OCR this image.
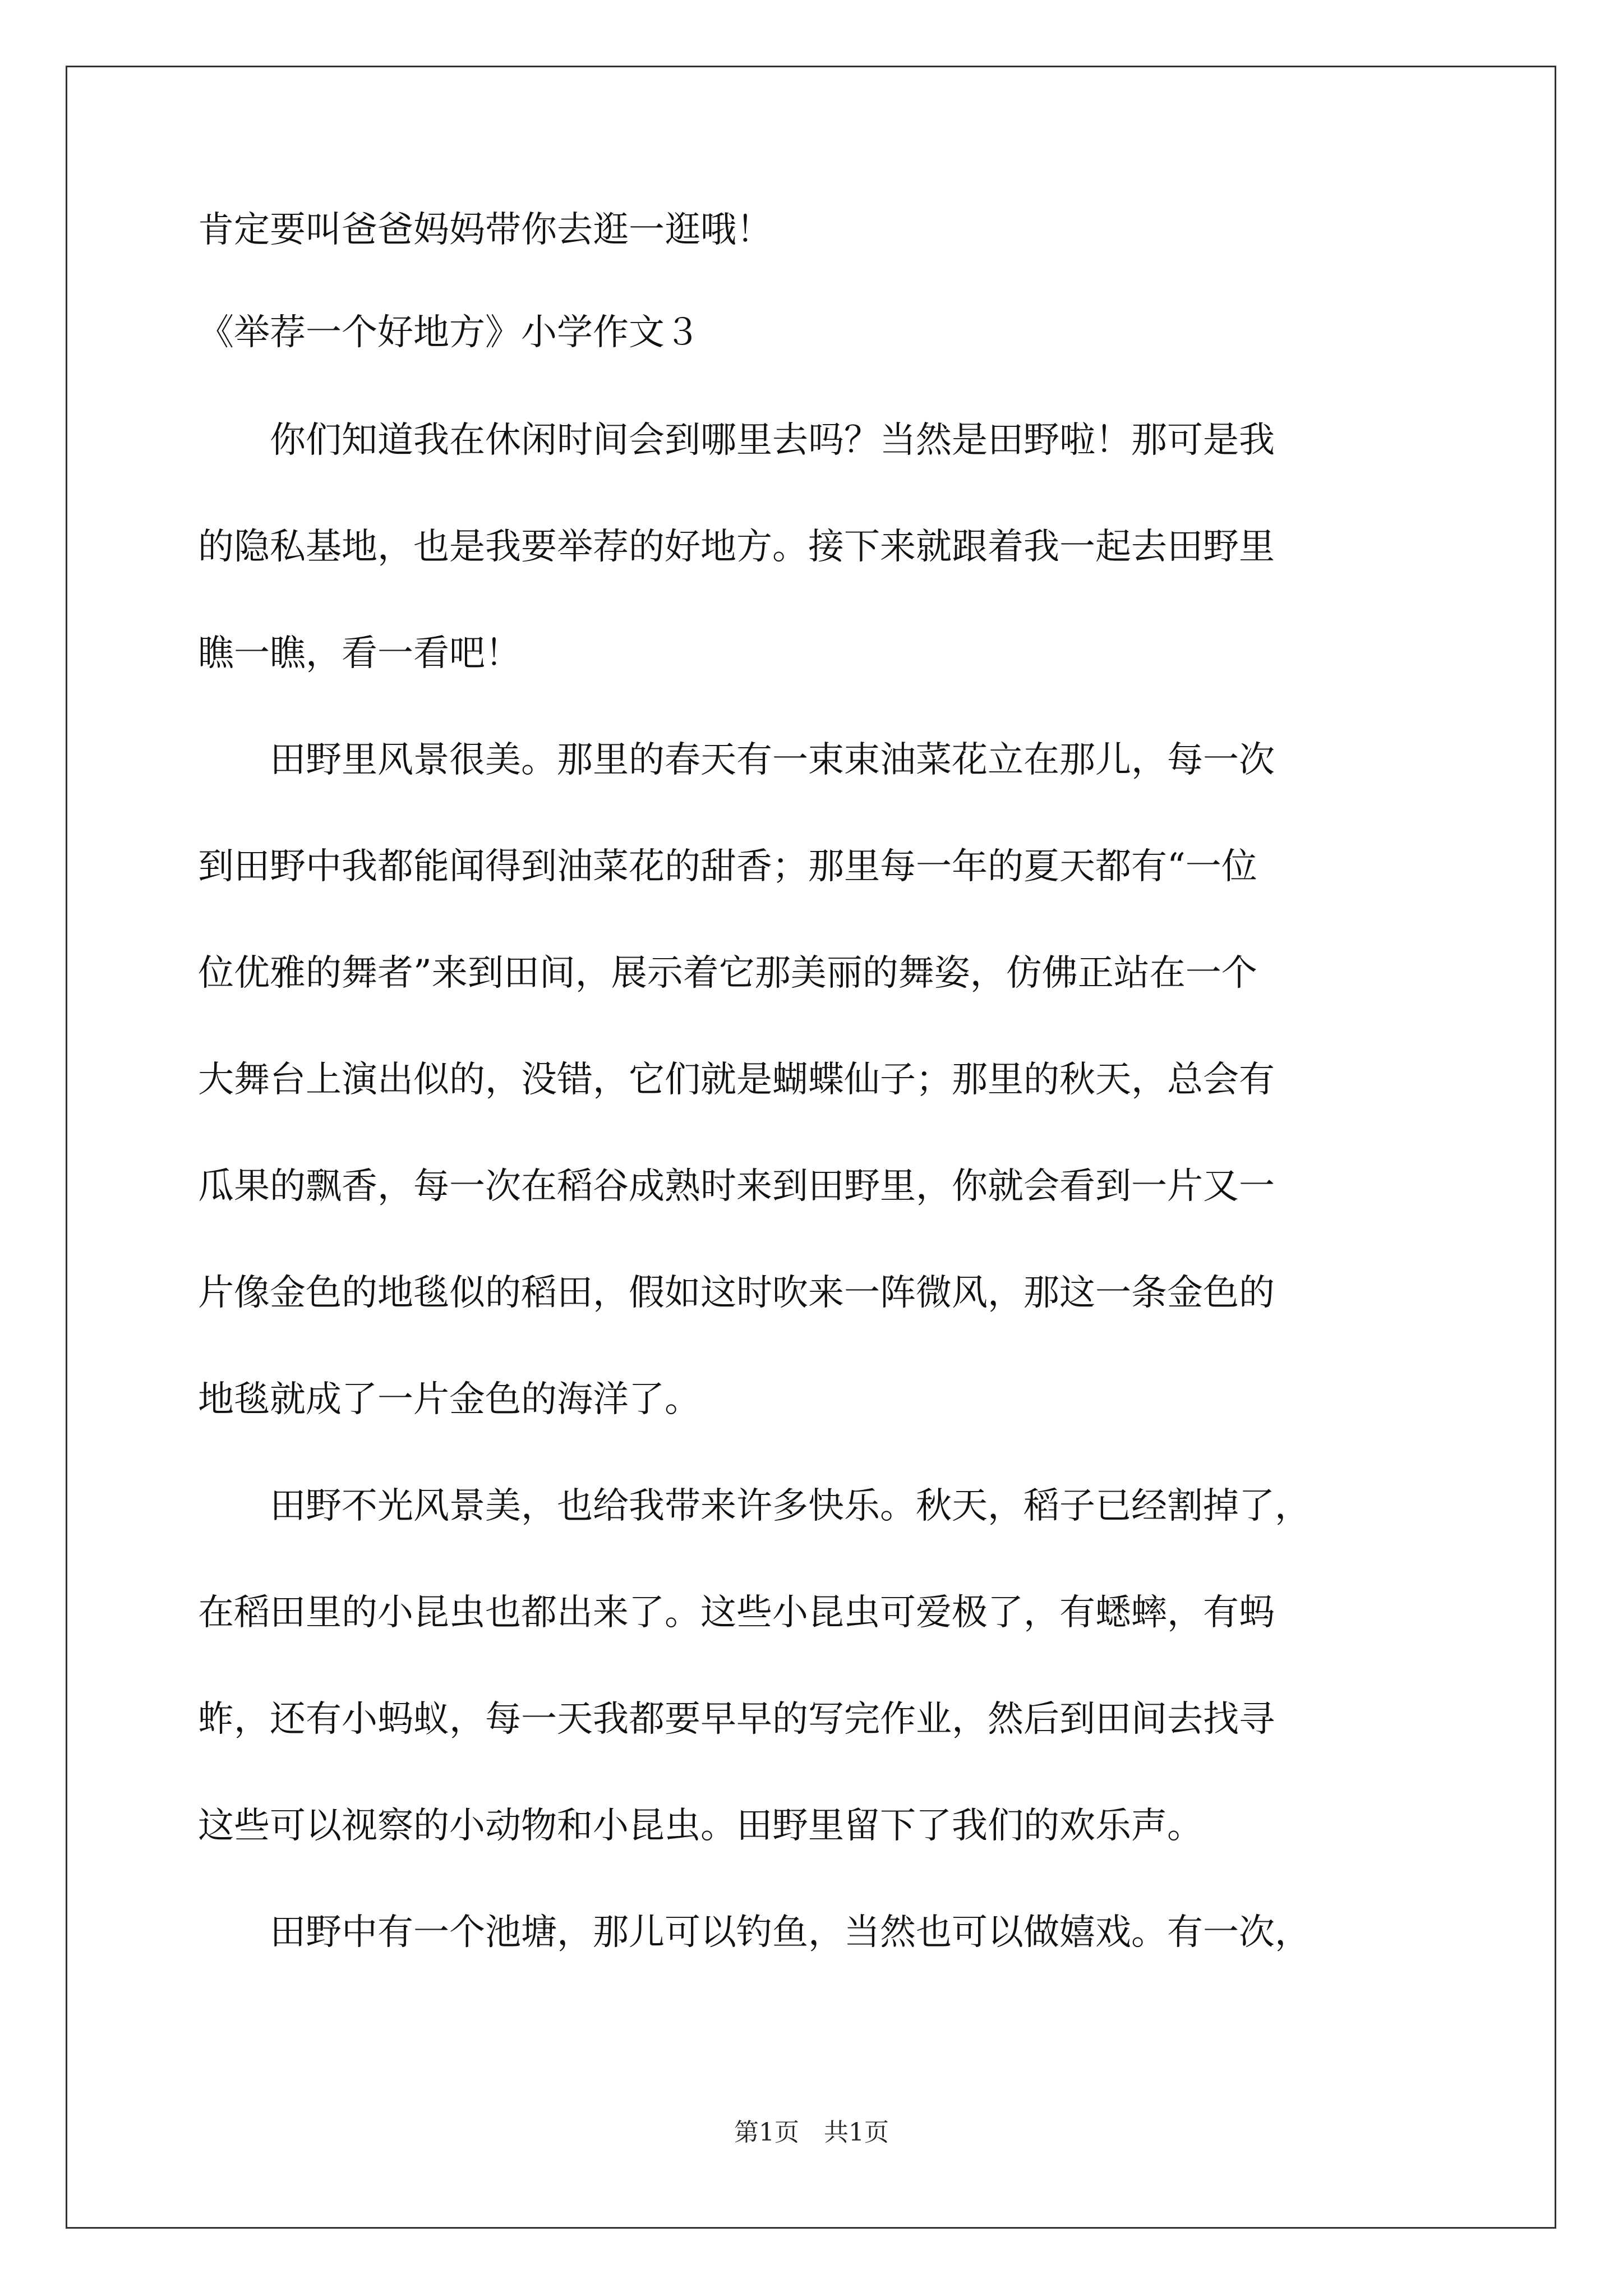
肯定要叫爸爸妈妈带你去逛一逛哦！
《举荐一个好地方》小学作文３
　　你们知道我在休闲时间会到哪里去吗？当然是田野啦！那可是我
的隐私基地，也是我要举荐的好地方。接下来就跟着我一起去田野里
瞧一瞧，看一看吧！
　　田野里风景很美。那里的春天有一束束油菜花立在那儿，每一次
到田野中我都能闻得到油菜花的甜香；那里每一年的夏天都有“一位
位优雅的舞者”来到田间，展示着它那美丽的舞姿，仿佛正站在一个
大舞台上演出似的，没错，它们就是蝴蝶仙子；那里的秋天，总会有
瓜果的飘香，每一次在稻谷成熟时来到田野里，你就会看到一片又一
片像金色的地毯似的稻田，假如这时吹来一阵微风，那这一条金色的
地毯就成了一片金色的海洋了。
　　田野不光风景美，也给我带来许多快乐。秋天，稻子已经割掉了，
在稻田里的小昆虫也都出来了。这些小昆虫可爱极了，有蟋蟀，有蚂
蚱，还有小蚂蚁，每一天我都要早早的写完作业，然后到田间去找寻
这些可以视察的小动物和小昆虫。田野里留下了我们的欢乐声。
　　田野中有一个池塘，那儿可以钓鱼，当然也可以做嬉戏。有一次，
第1页　共1页
